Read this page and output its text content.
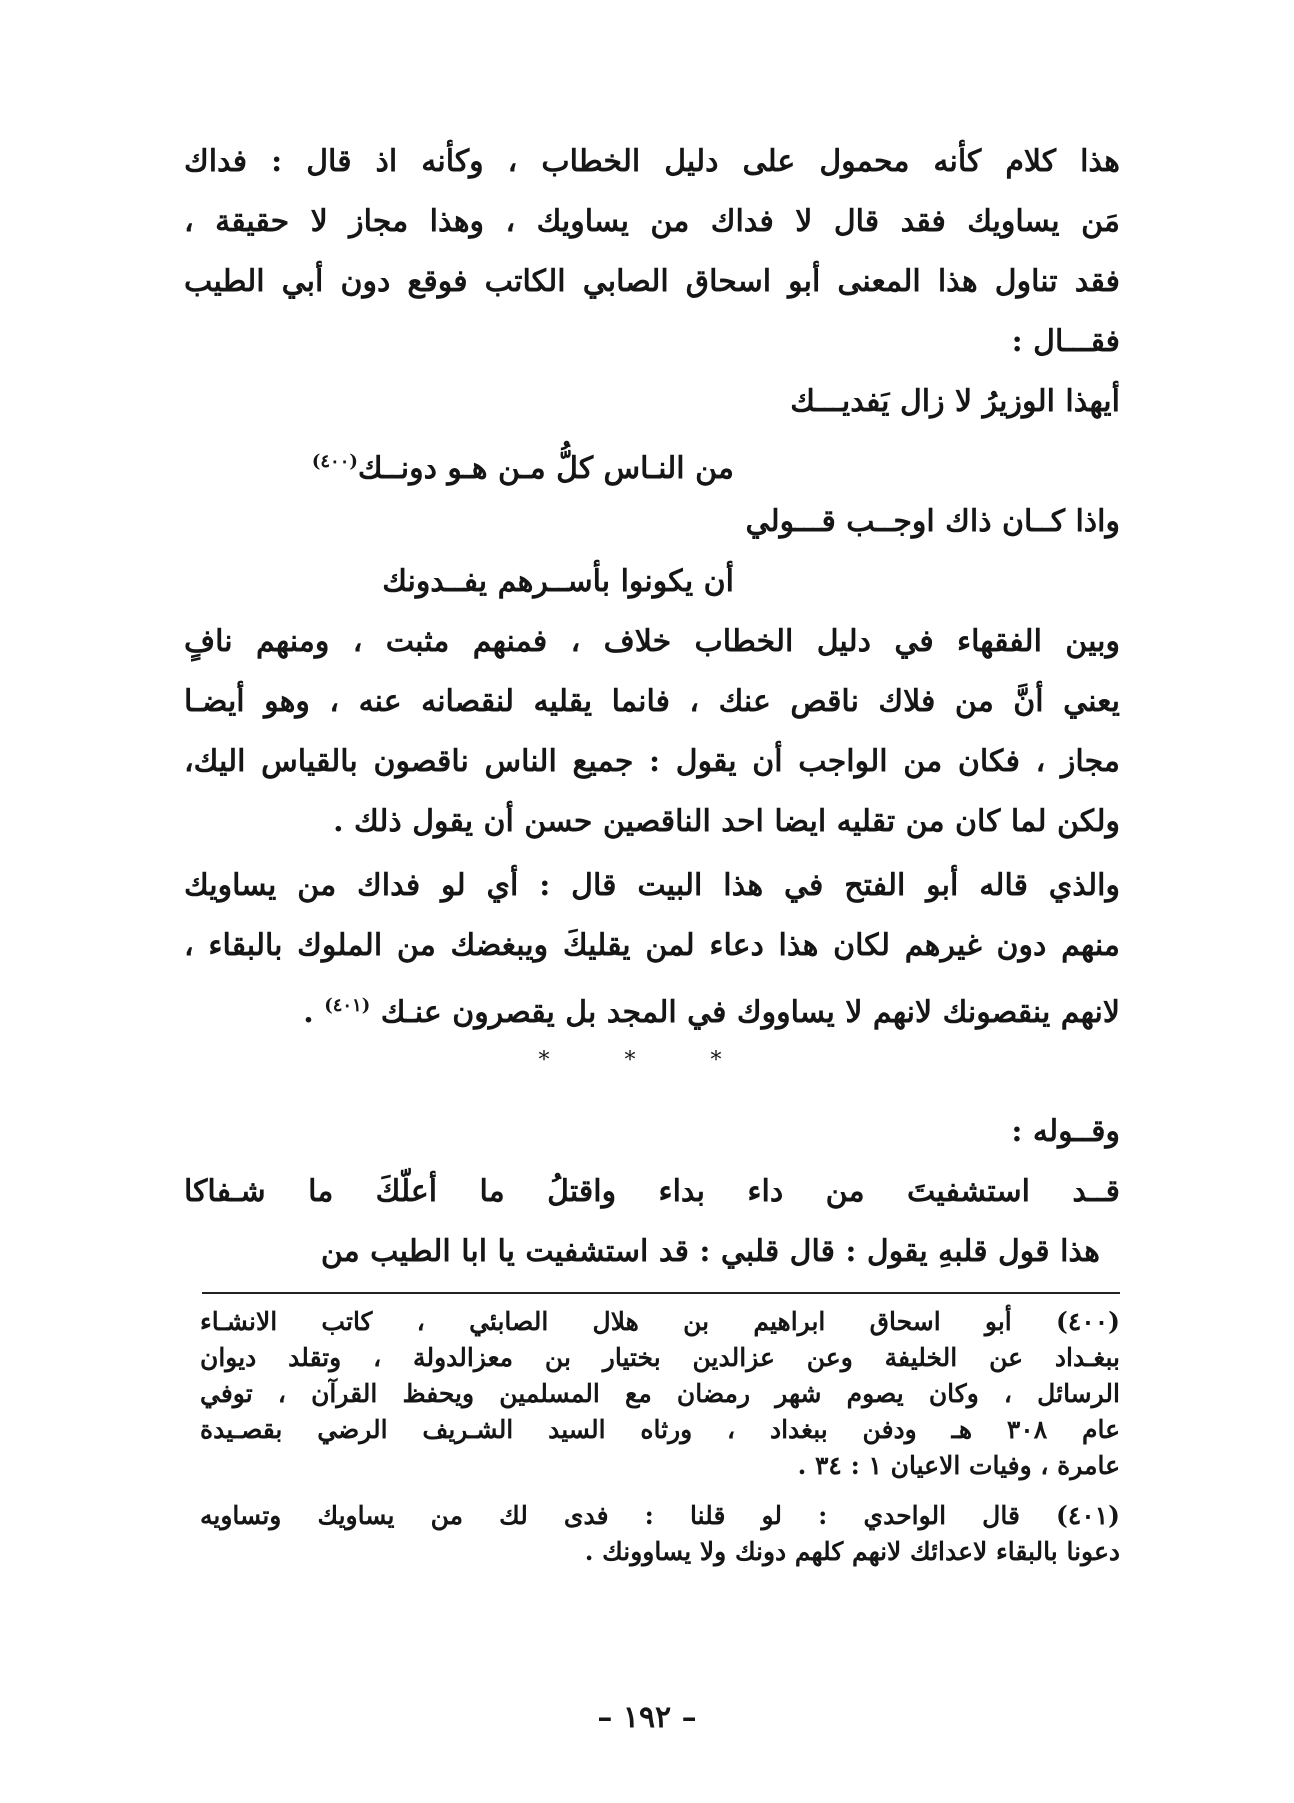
هذا كلام كأنه محمول على دليل الخطاب ، وكأنه اذ قال : فداك
مَن يساويك فقد قال لا فداك من يساويك ، وهذا مجاز لا حقيقة ،
فقد تناول هذا المعنى أبو اسحاق الصابي الكاتب فوقع دون أبي الطيب
فقـــال :
أيهذا الوزيرُ لا زال يَفديـــك
من النـاس كلُّ مـن هـو دونــك$^{(٤٠٠)}$
واذا كــان ذاك اوجــب قـــولي
أن يكونوا بأســرهم يفــدونك
وبين الفقهاء في دليل الخطاب خلاف ، فمنهم مثبت ، ومنهم نافٍ
يعني أنَّ من فلاك ناقص عنك ، فانما يقليه لنقصانه عنه ، وهو أيضـا
مجاز ، فكان من الواجب أن يقول : جميع الناس ناقصون بالقياس اليك،
ولكن لما كان من تقليه ايضا احد الناقصين حسن أن يقول ذلك .
والذي قاله أبو الفتح في هذا البيت قال : أي لو فداك من يساويك
منهم دون غيرهم لكان هذا دعاء لمن يقليكَ ويبغضك من الملوك بالبقاء ،
لانهم ينقصونك لانهم لا يساووك في المجد بل يقصرون عنـك $^{(٤٠١)}$ .
* * *
وقــوله :
قــد استشفيتَ من داء بداء واقتلُ ما أعلّكَ ما شـفاكا
هذا قول قلبهِ يقول : قال قلبي : قد استشفيت يا ابا الطيب من
(٤٠٠) أبو اسحاق ابراهيم بن هلال الصابئي ، كاتب الانشـاء
ببغـداد عن الخليفة وعن عزالدين بختيار بن معزالدولة ، وتقلد ديوان
الرسائل ، وكان يصوم شهر رمضان مع المسلمين ويحفظ القرآن ، توفي
عام ٣٠٨ هـ ودفن ببغداد ، ورثاه السيد الشـريف الرضي بقصـيدة
عامرة ، وفيات الاعيان ١ : ٣٤ .
(٤٠١) قال الواحدي : لو قلنا : فدى لك من يساويك وتساويه
دعونا بالبقاء لاعدائك لانهم كلهم دونك ولا يساوونك .
– ١٩٢ –
